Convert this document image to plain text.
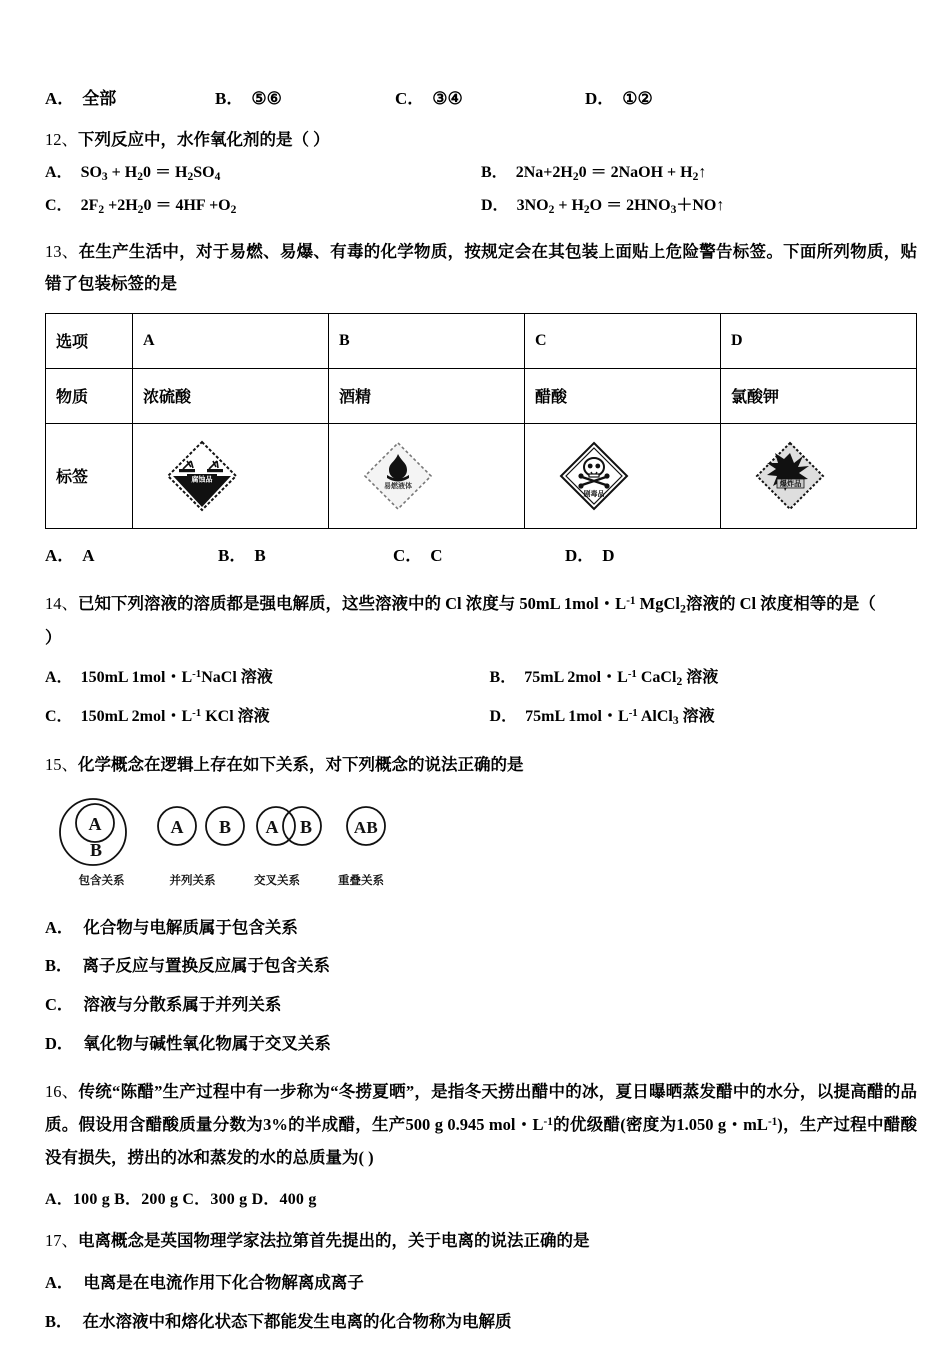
A． 全部	B． ⑤⑥	C． ③④	D． ①②
12、下列反应中，水作氧化剂的是（ ）
A． $SO_3 + H_20 = H_2SO_4$	B． $2Na+2H_20$ ＝ 2NaOH + $H_2↑$
C． $2F_2 +2H_20 = 4HF +O_2$	D． $3NO_2 + H_2O$ ＝ $2HNO_3+NO↑$
13、在生产生活中，对于易燃、易爆、有毒的化学物质，按规定会在其包装上面贴上危险警告标签。下面所列物质，贴错了包装标签的是
选项	A	B	C	D
物质	浓硫酸	酒精	醋酸	氯酸钾
标签	腐蚀品	易燃液体	剧毒品	爆炸品
A． A	B． B	C． C	D． D
14、已知下列溶液的溶质都是强电解质，这些溶液中的 Cl 浓度与 50mL 1mol・$L^{-1}$ MgCl$_2$溶液的 Cl 浓度相等的是（
）
A． 150mL 1mol・$L^{-1}NaCl$ 溶液	B． 75mL 2mol・$L^{-1}$ CaCl$_2$ 溶液
C． 150mL 2mol・$L^{-1}$ KCl 溶液	D． 75mL 1mol・$L^{-1}$ AlCl$_3$ 溶液
15、化学概念在逻辑上存在如下关系，对下列概念的说法正确的是
A
B
A B A B A B
包含关系	并列关系	交叉关系	重叠关系
A． 化合物与电解质属于包含关系
B． 离子反应与置换反应属于包含关系
C． 溶液与分散系属于并列关系
D． 氧化物与碱性氧化物属于交叉关系
16、传统“陈醋”生产过程中有一步称为“冬捞夏晒”，是指冬天捞出醋中的冰，夏日曝晒蒸发醋中的水分，以提高醋的品质。假设用含醋酸质量分数为3%的半成醋，生产500 g 0.945 mol・$L^{-1}$的优级醋(密度为1.050 g・$mL^{-1}$)，生产过程中醋酸没有损失，捞出的冰和蒸发的水的总质量为( )
A．100 g B．200 g C．300 g D．400 g
17、电离概念是英国物理学家法拉第首先提出的，关于电离的说法正确的是
A． 电离是在电流作用下化合物解离成离子
B． 在水溶液中和熔化状态下都能发生电离的化合物称为电解质
